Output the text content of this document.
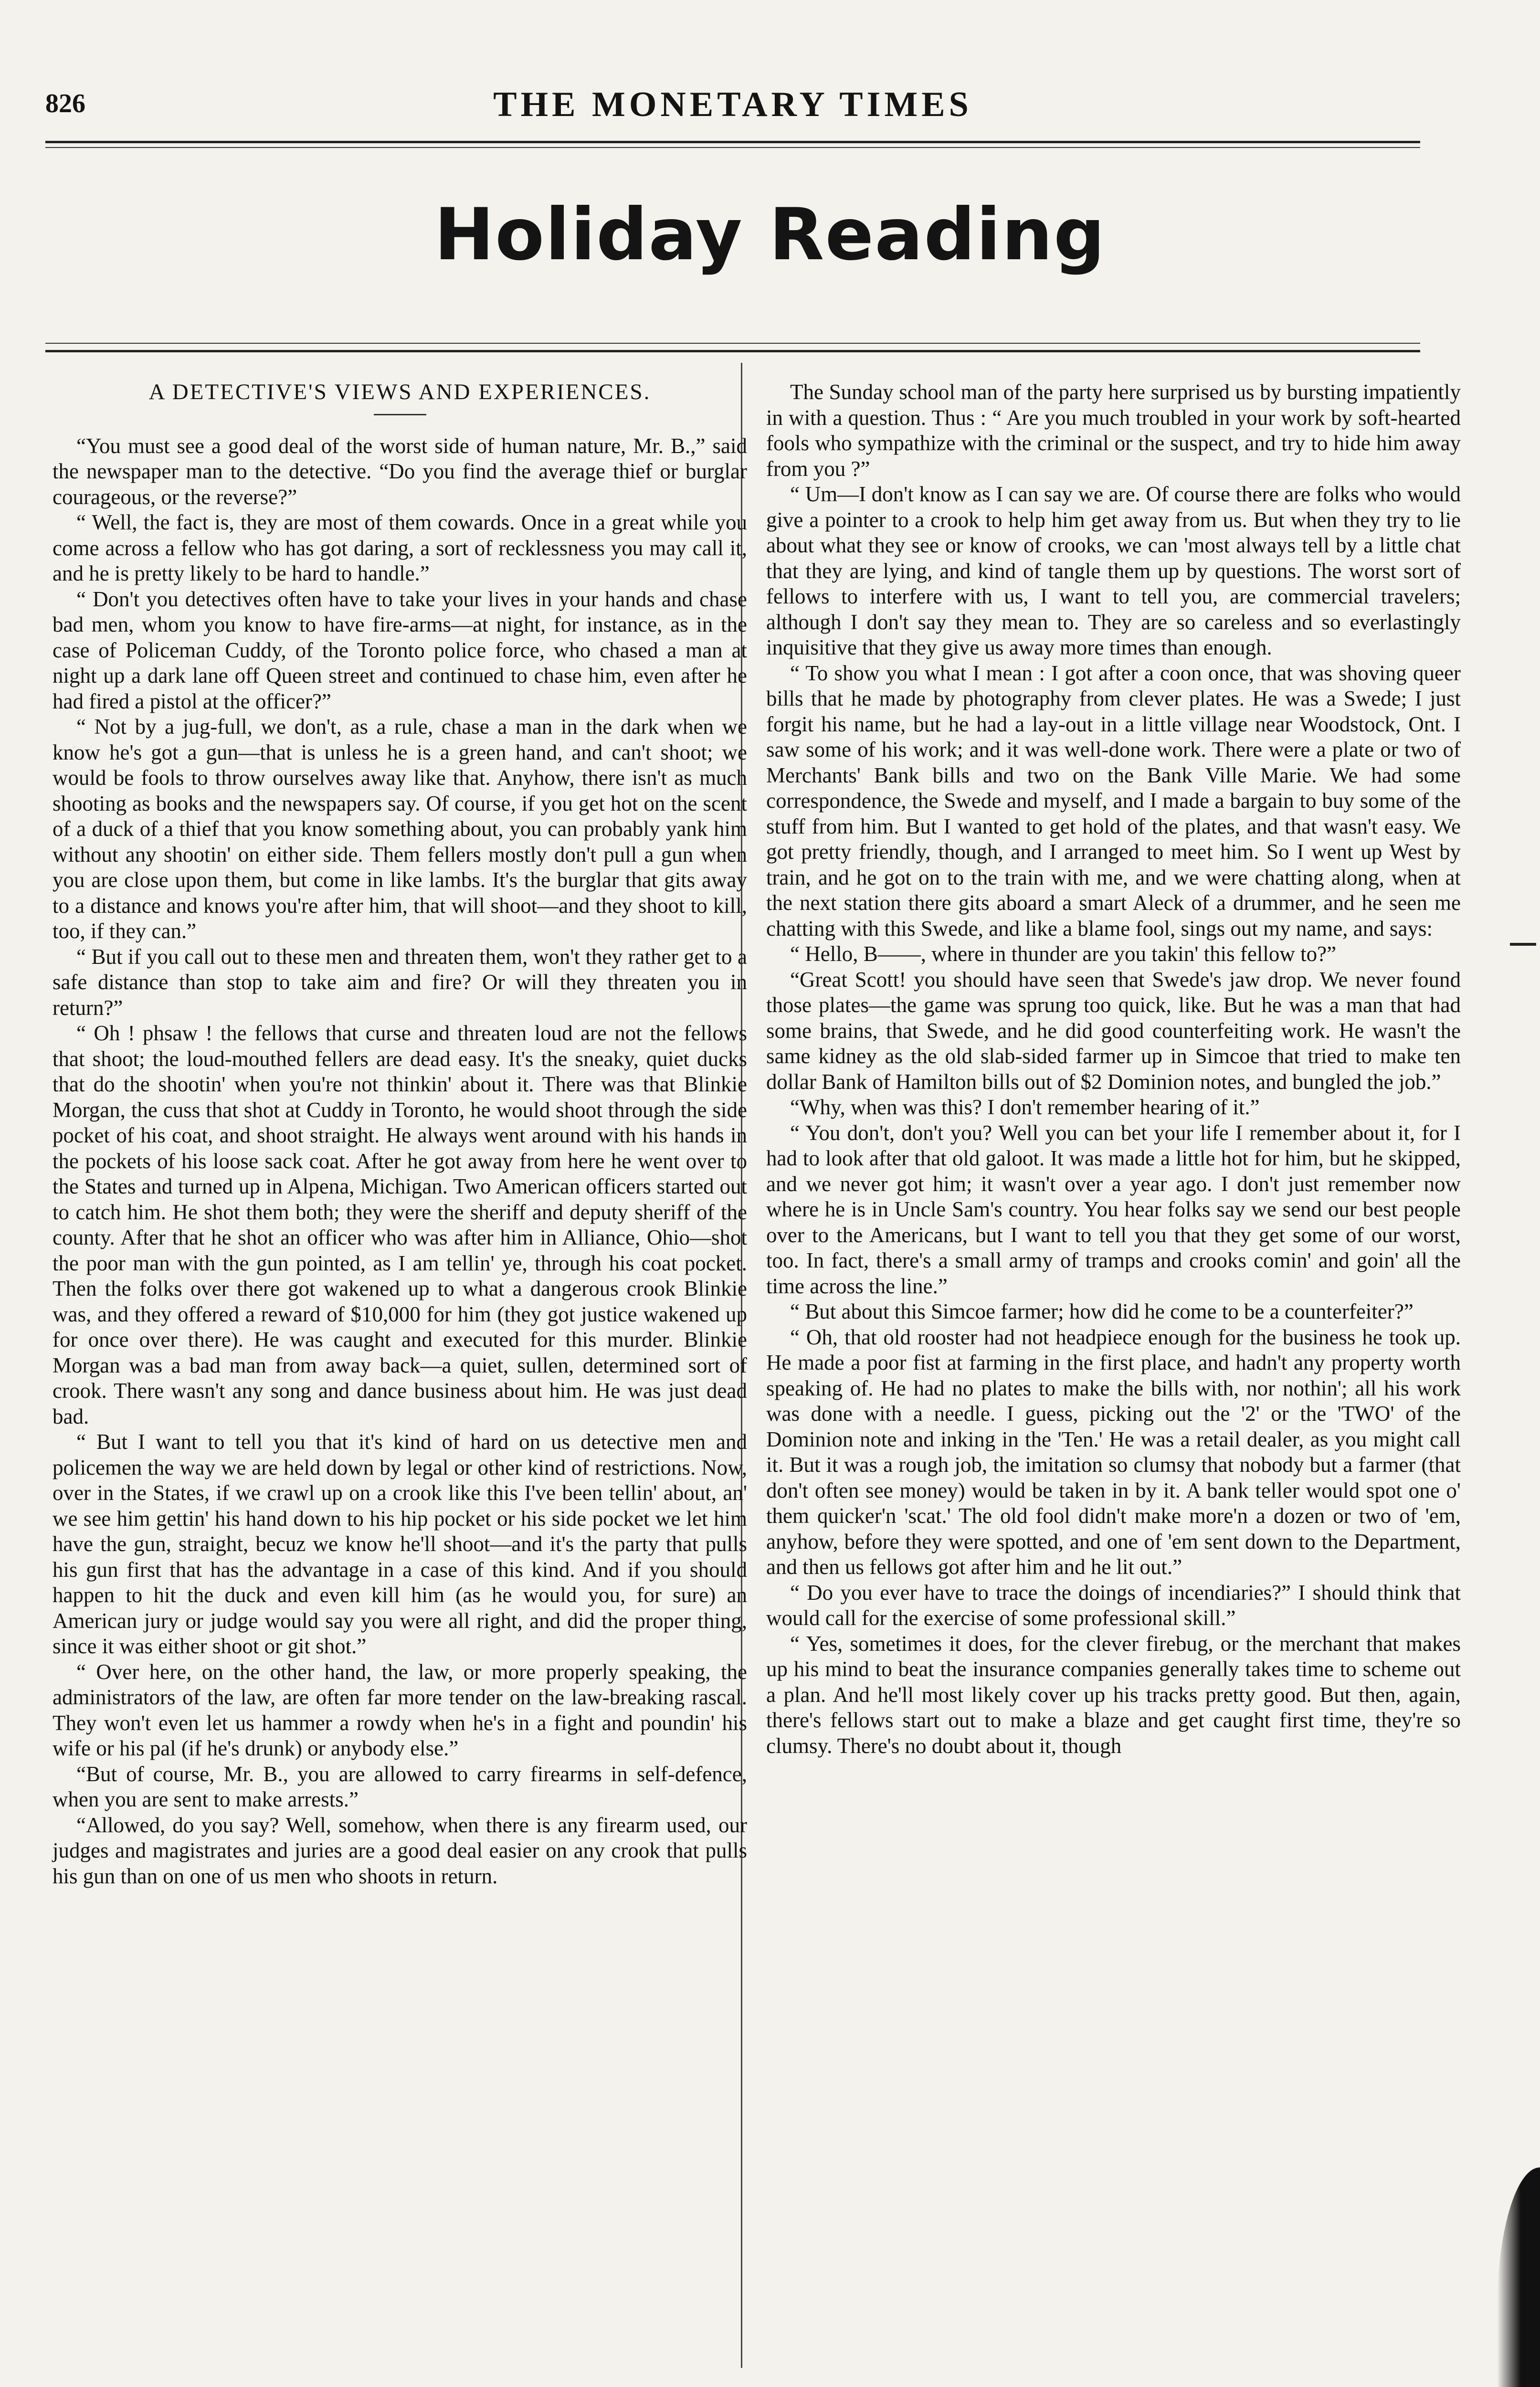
826	THE MONETARY TIMES
Holiday Reading
A DETECTIVE'S VIEWS AND EXPERIENCES.

“You must see a good deal of the worst side of human nature, Mr. B.,” said the newspaper man to the detective. “Do you find the average thief or burglar courageous, or the reverse?”

“ Well, the fact is, they are most of them cowards. Once in a great while you come across a fellow who has got daring, a sort of recklessness you may call it, and he is pretty likely to be hard to handle.”

“ Don't you detectives often have to take your lives in your hands and chase bad men, whom you know to have fire-arms—at night, for instance, as in the case of Policeman Cuddy, of the Toronto police force, who chased a man at night up a dark lane off Queen street and continued to chase him, even after he had fired a pistol at the officer?”

“ Not by a jug-full, we don't, as a rule, chase a man in the dark when we know he's got a gun—that is unless he is a green hand, and can't shoot; we would be fools to throw ourselves away like that. Anyhow, there isn't as much shooting as books and the newspapers say. Of course, if you get hot on the scent of a duck of a thief that you know something about, you can probably yank him without any shootin' on either side. Them fellers mostly don't pull a gun when you are close upon them, but come in like lambs. It's the burglar that gits away to a distance and knows you're after him, that will shoot—and they shoot to kill, too, if they can.”

“ But if you call out to these men and threaten them, won't they rather get to a safe distance than stop to take aim and fire? Or will they threaten you in return?”

“ Oh ! phsaw ! the fellows that curse and threaten loud are not the fellows that shoot; the loud-mouthed fellers are dead easy. It's the sneaky, quiet ducks that do the shootin' when you're not thinkin' about it. There was that Blinkie Morgan, the cuss that shot at Cuddy in Toronto, he would shoot through the side pocket of his coat, and shoot straight. He always went around with his hands in the pockets of his loose sack coat. After he got away from here he went over to the States and turned up in Alpena, Michigan. Two American officers started out to catch him. He shot them both; they were the sheriff and deputy sheriff of the county. After that he shot an officer who was after him in Alliance, Ohio—shot the poor man with the gun pointed, as I am tellin' ye, through his coat pocket. Then the folks over there got wakened up to what a dangerous crook Blinkie was, and they offered a reward of $10,000 for him (they got justice wakened up for once over there). He was caught and executed for this murder. Blinkie Morgan was a bad man from away back—a quiet, sullen, determined sort of crook. There wasn't any song and dance business about him. He was just dead bad.

“ But I want to tell you that it's kind of hard on us detective men and policemen the way we are held down by legal or other kind of restrictions. Now, over in the States, if we crawl up on a crook like this I've been tellin' about, an' we see him gettin' his hand down to his hip pocket or his side pocket we let him have the gun, straight, becuz we know he'll shoot—and it's the party that pulls his gun first that has the advantage in a case of this kind. And if you should happen to hit the duck and even kill him (as he would you, for sure) an American jury or judge would say you were all right, and did the proper thing, since it was either shoot or git shot.”

“ Over here, on the other hand, the law, or more properly speaking, the administrators of the law, are often far more tender on the law-breaking rascal. They won't even let us hammer a rowdy when he's in a fight and poundin' his wife or his pal (if he's drunk) or anybody else.”

“But of course, Mr. B., you are allowed to carry firearms in self-defence, when you are sent to make arrests.”

“Allowed, do you say? Well, somehow, when there is any firearm used, our judges and magistrates and juries are a good deal easier on any crook that pulls his gun than on one of us men who shoots in return.

The Sunday school man of the party here surprised us by bursting impatiently in with a question. Thus : “ Are you much troubled in your work by soft-hearted fools who sympathize with the criminal or the suspect, and try to hide him away from you ?”

“ Um—I don't know as I can say we are. Of course there are folks who would give a pointer to a crook to help him get away from us. But when they try to lie about what they see or know of crooks, we can 'most always tell by a little chat that they are lying, and kind of tangle them up by questions. The worst sort of fellows to interfere with us, I want to tell you, are commercial travelers; although I don't say they mean to. They are so careless and so everlastingly inquisitive that they give us away more times than enough.

“ To show you what I mean : I got after a coon once, that was shoving queer bills that he made by photography from clever plates. He was a Swede; I just forgit his name, but he had a lay-out in a little village near Woodstock, Ont. I saw some of his work; and it was well-done work. There were a plate or two of Merchants' Bank bills and two on the Bank Ville Marie. We had some correspondence, the Swede and myself, and I made a bargain to buy some of the stuff from him. But I wanted to get hold of the plates, and that wasn't easy. We got pretty friendly, though, and I arranged to meet him. So I went up West by train, and he got on to the train with me, and we were chatting along, when at the next station there gits aboard a smart Aleck of a drummer, and he seen me chatting with this Swede, and like a blame fool, sings out my name, and says:

“ Hello, B——, where in thunder are you takin' this fellow to?”

“Great Scott! you should have seen that Swede's jaw drop. We never found those plates—the game was sprung too quick, like. But he was a man that had some brains, that Swede, and he did good counterfeiting work. He wasn't the same kidney as the old slab-sided farmer up in Simcoe that tried to make ten dollar Bank of Hamilton bills out of $2 Dominion notes, and bungled the job.”

“Why, when was this? I don't remember hearing of it.”

“ You don't, don't you? Well you can bet your life I remember about it, for I had to look after that old galoot. It was made a little hot for him, but he skipped, and we never got him; it wasn't over a year ago. I don't just remember now where he is in Uncle Sam's country. You hear folks say we send our best people over to the Americans, but I want to tell you that they get some of our worst, too. In fact, there's a small army of tramps and crooks comin' and goin' all the time across the line.”

“ But about this Simcoe farmer; how did he come to be a counterfeiter?”

“ Oh, that old rooster had not headpiece enough for the business he took up. He made a poor fist at farming in the first place, and hadn't any property worth speaking of. He had no plates to make the bills with, nor nothin'; all his work was done with a needle. I guess, picking out the '2' or the 'TWO' of the Dominion note and inking in the 'Ten.' He was a retail dealer, as you might call it. But it was a rough job, the imitation so clumsy that nobody but a farmer (that don't often see money) would be taken in by it. A bank teller would spot one o' them quicker'n 'scat.' The old fool didn't make more'n a dozen or two of 'em, anyhow, before they were spotted, and one of 'em sent down to the Department, and then us fellows got after him and he lit out.”

“ Do you ever have to trace the doings of incendiaries?” I should think that would call for the exercise of some professional skill.”

“ Yes, sometimes it does, for the clever firebug, or the merchant that makes up his mind to beat the insurance companies generally takes time to scheme out a plan. And he'll most likely cover up his tracks pretty good. But then, again, there's fellows start out to make a blaze and get caught first time, they're so clumsy. There's no doubt about it, though
